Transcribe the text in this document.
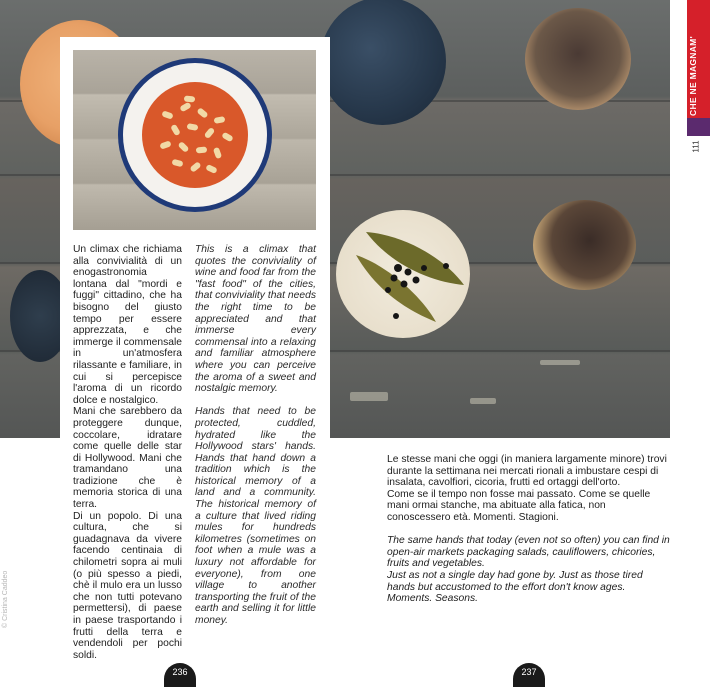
Un climax che richiama alla convivialità di un enogastronomia lontana dal "mordi e fuggi" cittadino, che ha bisogno del giusto tempo per essere apprezzata, e che immerge il commensale in un'atmosfera rilassante e familiare, in cui si percepisce l'aroma di un ricordo dolce e nostalgico.

Mani che sarebbero da proteggere dunque, coccolare, idratare come quelle delle star di Hollywood. Mani che tramandano una tradizione che è memoria storica di una terra.

Di un popolo. Di una cultura, che si guadagnava da vivere facendo centinaia di chilometri sopra ai muli (o più spesso a piedi, chè il mulo era un lusso che non tutti potevano permettersi), di paese in paese trasportando i frutti della terra e vendendoli per pochi soldi.

This is a climax that quotes the conviviality of wine and food far from the "fast food" of the cities, that conviviality that needs the right time to be appreciated and that immerse every commensal into a relaxing and familiar atmosphere where you can perceive the aroma of a sweet and nostalgic memory.

Hands that need to be protected, cuddled, hydrated like the Hollywood stars' hands. Hands that hand down a tradition which is the historical memory of a land and a community. The historical memory of a culture that lived riding mules for hundreds kilometres (sometimes on foot when a mule was a luxury not affordable for everyone), from one village to another transporting the fruit of the earth and selling it for little money.

Le stesse mani che oggi (in maniera largamente minore) trovi durante la settimana nei mercati rionali a imbustare cespi di insalata, cavolfiori, cicoria, frutti ed ortaggi dell'orto.

Come se il tempo non fosse mai passato. Come se quelle mani ormai stanche, ma abituate alla fatica, non conoscessero età. Momenti. Stagioni.

The same hands that today (even not so often) you can find in open-air markets packaging salads, cauliflowers, chicories, fruits and vegetables.

Just as not a single day had gone by. Just as those tired hands but accustomed to the effort don't know ages. Moments. Seasons.

CHE NE MAGNAM'
111
© Cristina Caddeo
236	237
